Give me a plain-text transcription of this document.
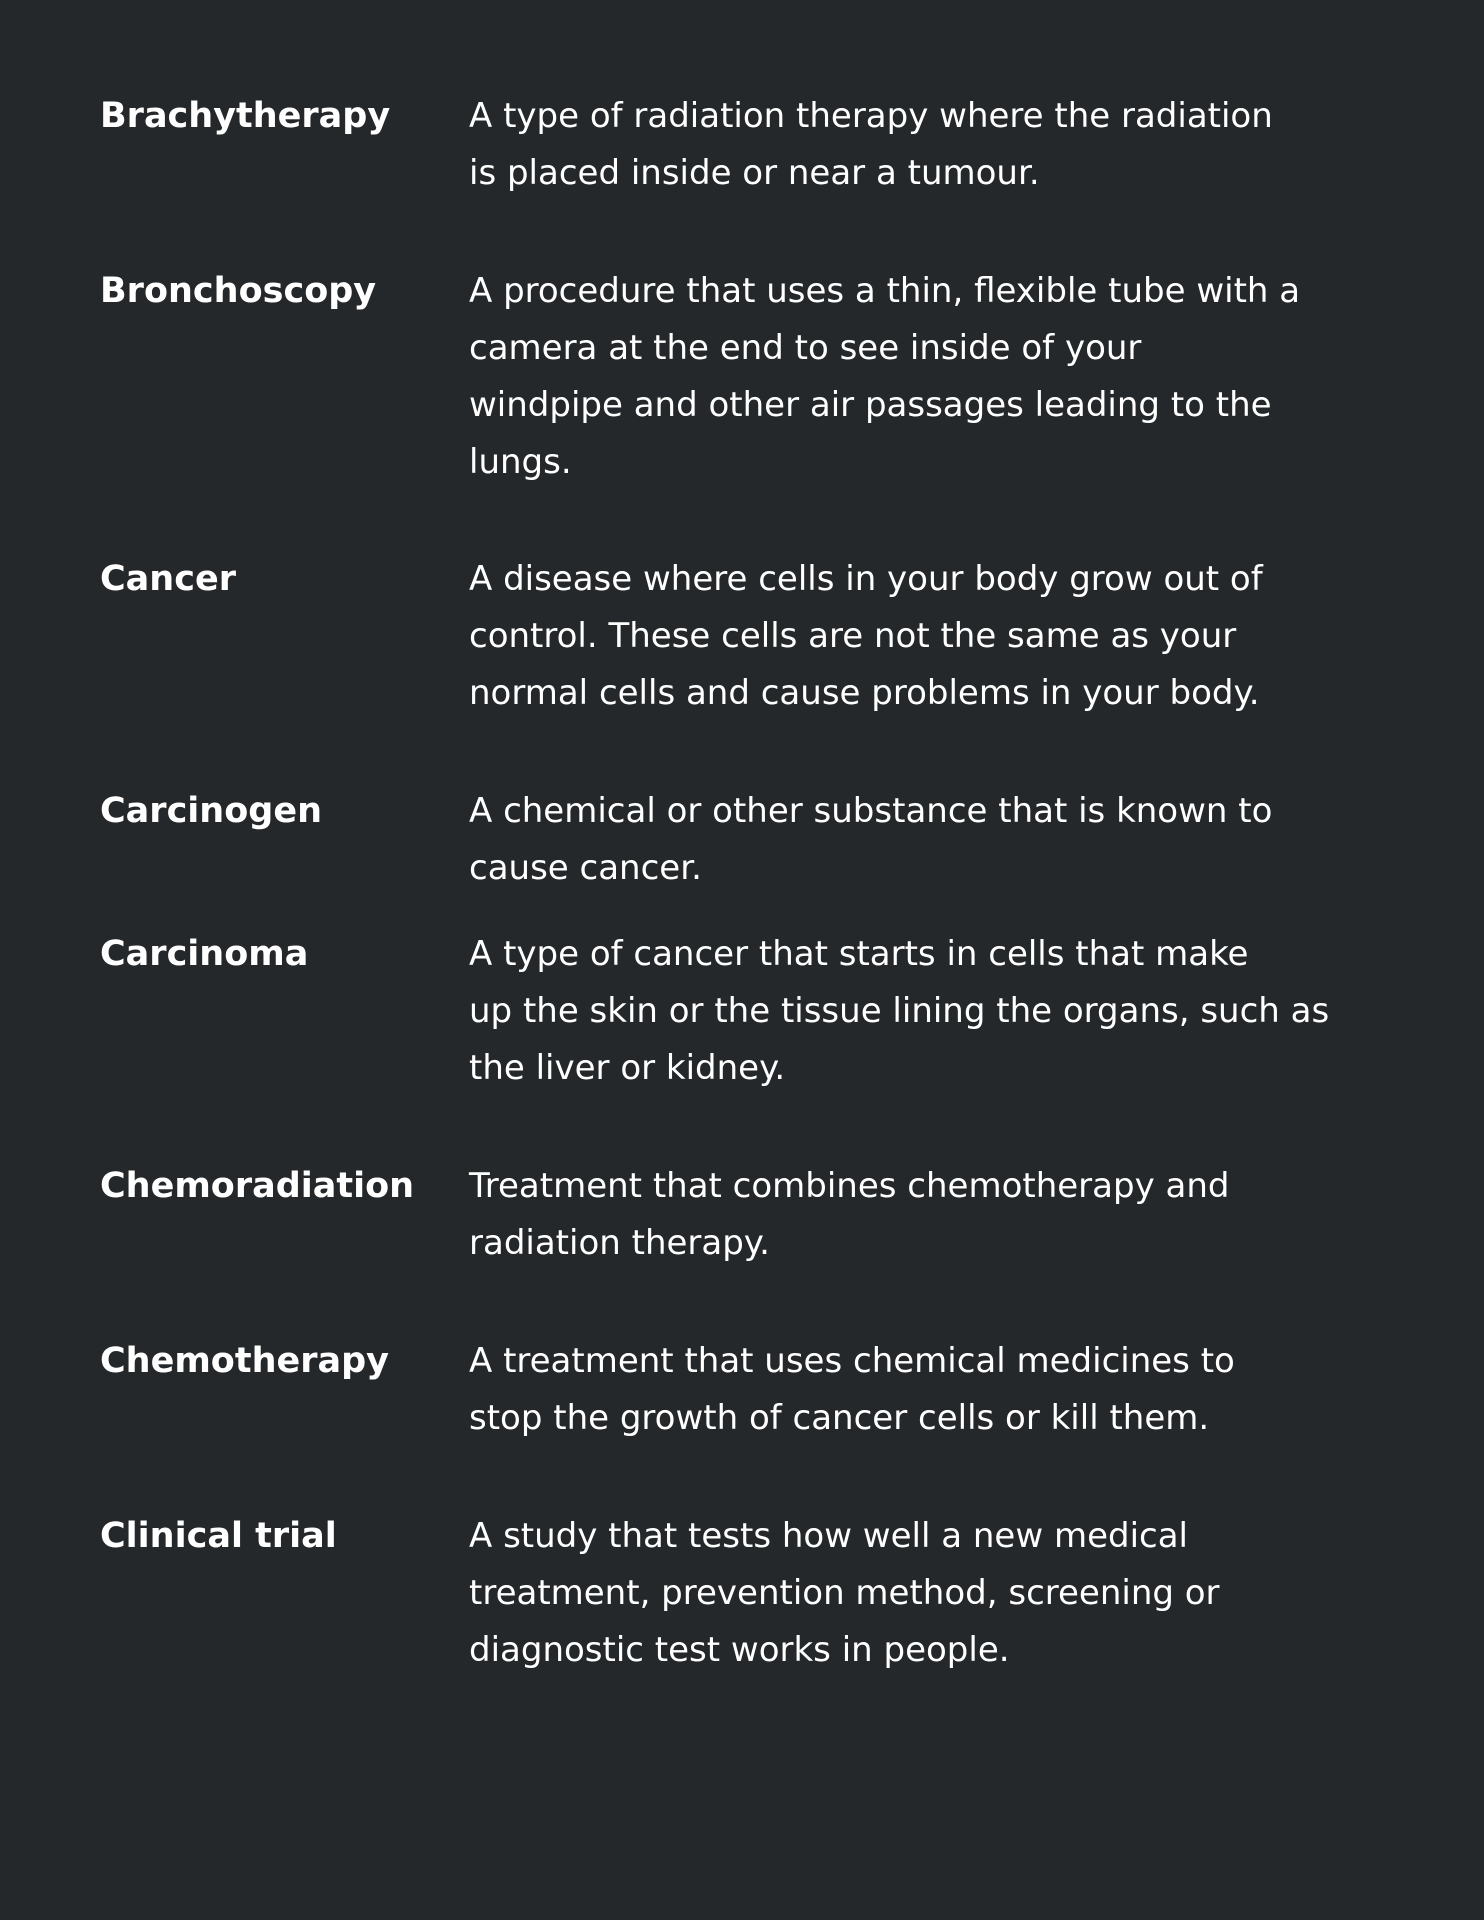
Brachytherapy	A type of radiation therapy where the radiation
is placed inside or near a tumour.
Bronchoscopy	A procedure that uses a thin, flexible tube with a
camera at the end to see inside of your
windpipe and other air passages leading to the
lungs.
Cancer	A disease where cells in your body grow out of
control. These cells are not the same as your
normal cells and cause problems in your body.
Carcinogen	A chemical or other substance that is known to
cause cancer.
Carcinoma	A type of cancer that starts in cells that make
up the skin or the tissue lining the organs, such as
the liver or kidney.
Chemoradiation	Treatment that combines chemotherapy and
radiation therapy.
Chemotherapy	A treatment that uses chemical medicines to
stop the growth of cancer cells or kill them.
Clinical trial	A study that tests how well a new medical
treatment, prevention method, screening or
diagnostic test works in people.
